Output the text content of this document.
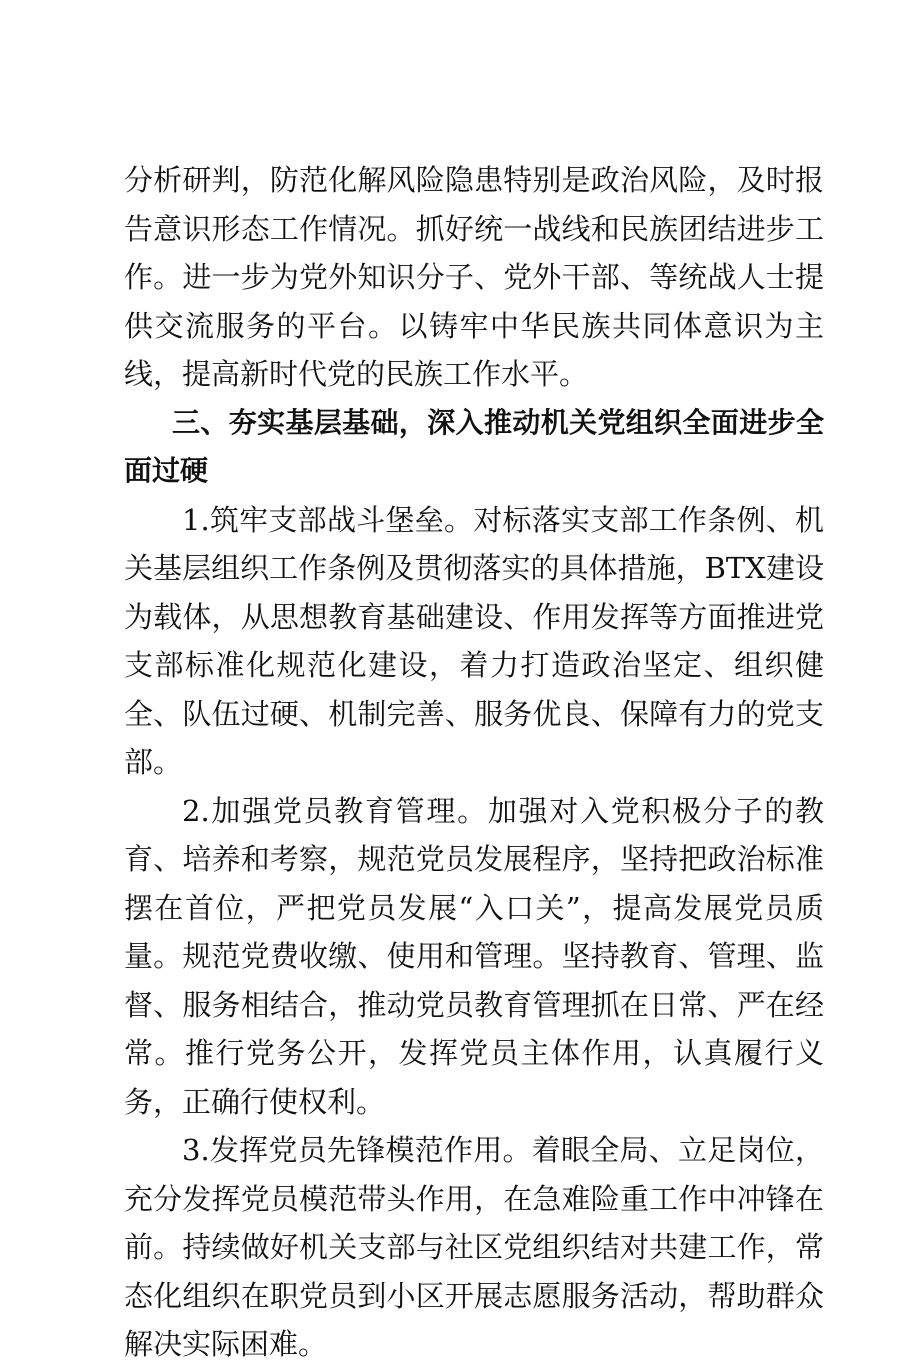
分析研判，防范化解风险隐患特别是政治风险，及时报告意识形态工作情况。抓好统一战线和民族团结进步工作。进一步为党外知识分子、党外干部、等统战人士提供交流服务的平台。以铸牢中华民族共同体意识为主线，提高新时代党的民族工作水平。

三、夯实基层基础，深入推动机关党组织全面进步全面过硬

1.筑牢支部战斗堡垒。对标落实支部工作条例、机关基层组织工作条例及贯彻落实的具体措施，BTX建设为载体，从思想教育基础建设、作用发挥等方面推进党支部标准化规范化建设，着力打造政治坚定、组织健全、队伍过硬、机制完善、服务优良、保障有力的党支部。

2.加强党员教育管理。加强对入党积极分子的教育、培养和考察，规范党员发展程序，坚持把政治标准摆在首位，严把党员发展“入口关”，提高发展党员质量。规范党费收缴、使用和管理。坚持教育、管理、监督、服务相结合，推动党员教育管理抓在日常、严在经常。推行党务公开，发挥党员主体作用，认真履行义务，正确行使权利。

3.发挥党员先锋模范作用。着眼全局、立足岗位，充分发挥党员模范带头作用，在急难险重工作中冲锋在前。持续做好机关支部与社区党组织结对共建工作，常态化组织在职党员到小区开展志愿服务活动，帮助群众解决实际困难。
